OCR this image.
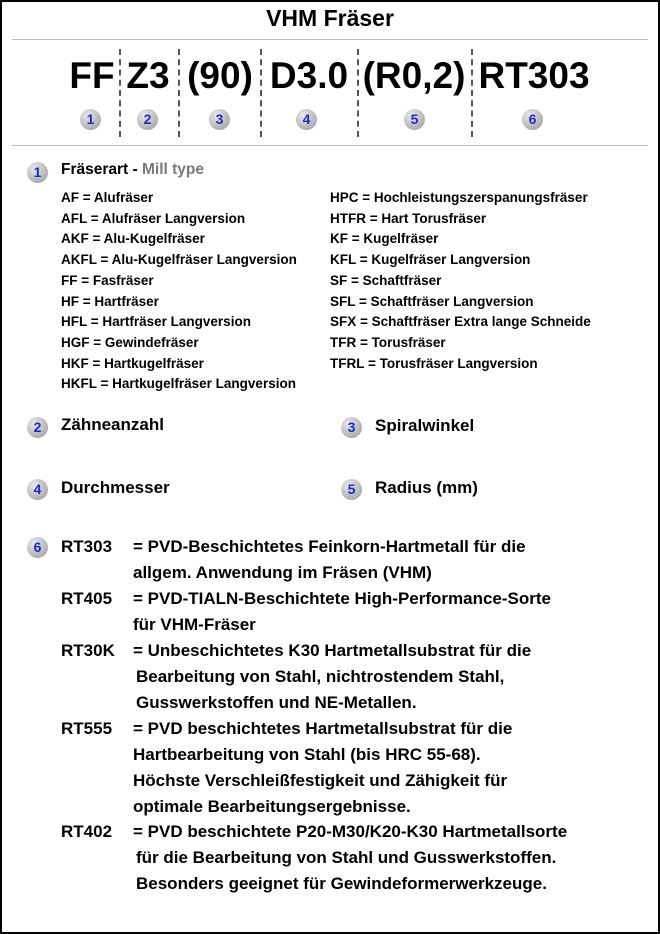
VHM Fräser
FF Z3 (90) D3.0 (R0,2) RT303
1	2	3	4	5	6
1	Fräserart - Mill type
AF = Alufräser
AFL = Alufräser Langversion
AKF = Alu-Kugelfräser
AKFL = Alu-Kugelfräser Langversion
FF = Fasfräser
HF = Hartfräser
HFL = Hartfräser Langversion
HGF = Gewindefräser
HKF = Hartkugelfräser
HKFL = Hartkugelfräser Langversion
HPC = Hochleistungszerspanungsfräser
HTFR = Hart Torusfräser
KF = Kugelfräser
KFL = Kugelfräser Langversion
SF = Schaftfräser
SFL = Schaftfräser Langversion
SFX = Schaftfräser Extra lange Schneide
TFR = Torusfräser
TFRL = Torusfräser Langversion
2	Zähneanzahl	3	Spiralwinkel
4	Durchmesser	5	Radius (mm)
6	RT303 = PVD-Beschichtetes Feinkorn-Hartmetall für die
allgem. Anwendung im Fräsen (VHM)
RT405 = PVD-TIALN-Beschichtete High-Performance-Sorte
für VHM-Fräser
RT30K = Unbeschichtetes K30 Hartmetallsubstrat für die
Bearbeitung von Stahl, nichtrostendem Stahl,
Gusswerkstoffen und NE-Metallen.
RT555 = PVD beschichtetes Hartmetallsubstrat für die
Hartbearbeitung von Stahl (bis HRC 55-68).
Höchste Verschleißfestigkeit und Zähigkeit für
optimale Bearbeitungsergebnisse.
RT402 = PVD beschichtete P20-M30/K20-K30 Hartmetallsorte
für die Bearbeitung von Stahl und Gusswerkstoffen.
Besonders geeignet für Gewindeformerwerkzeuge.
